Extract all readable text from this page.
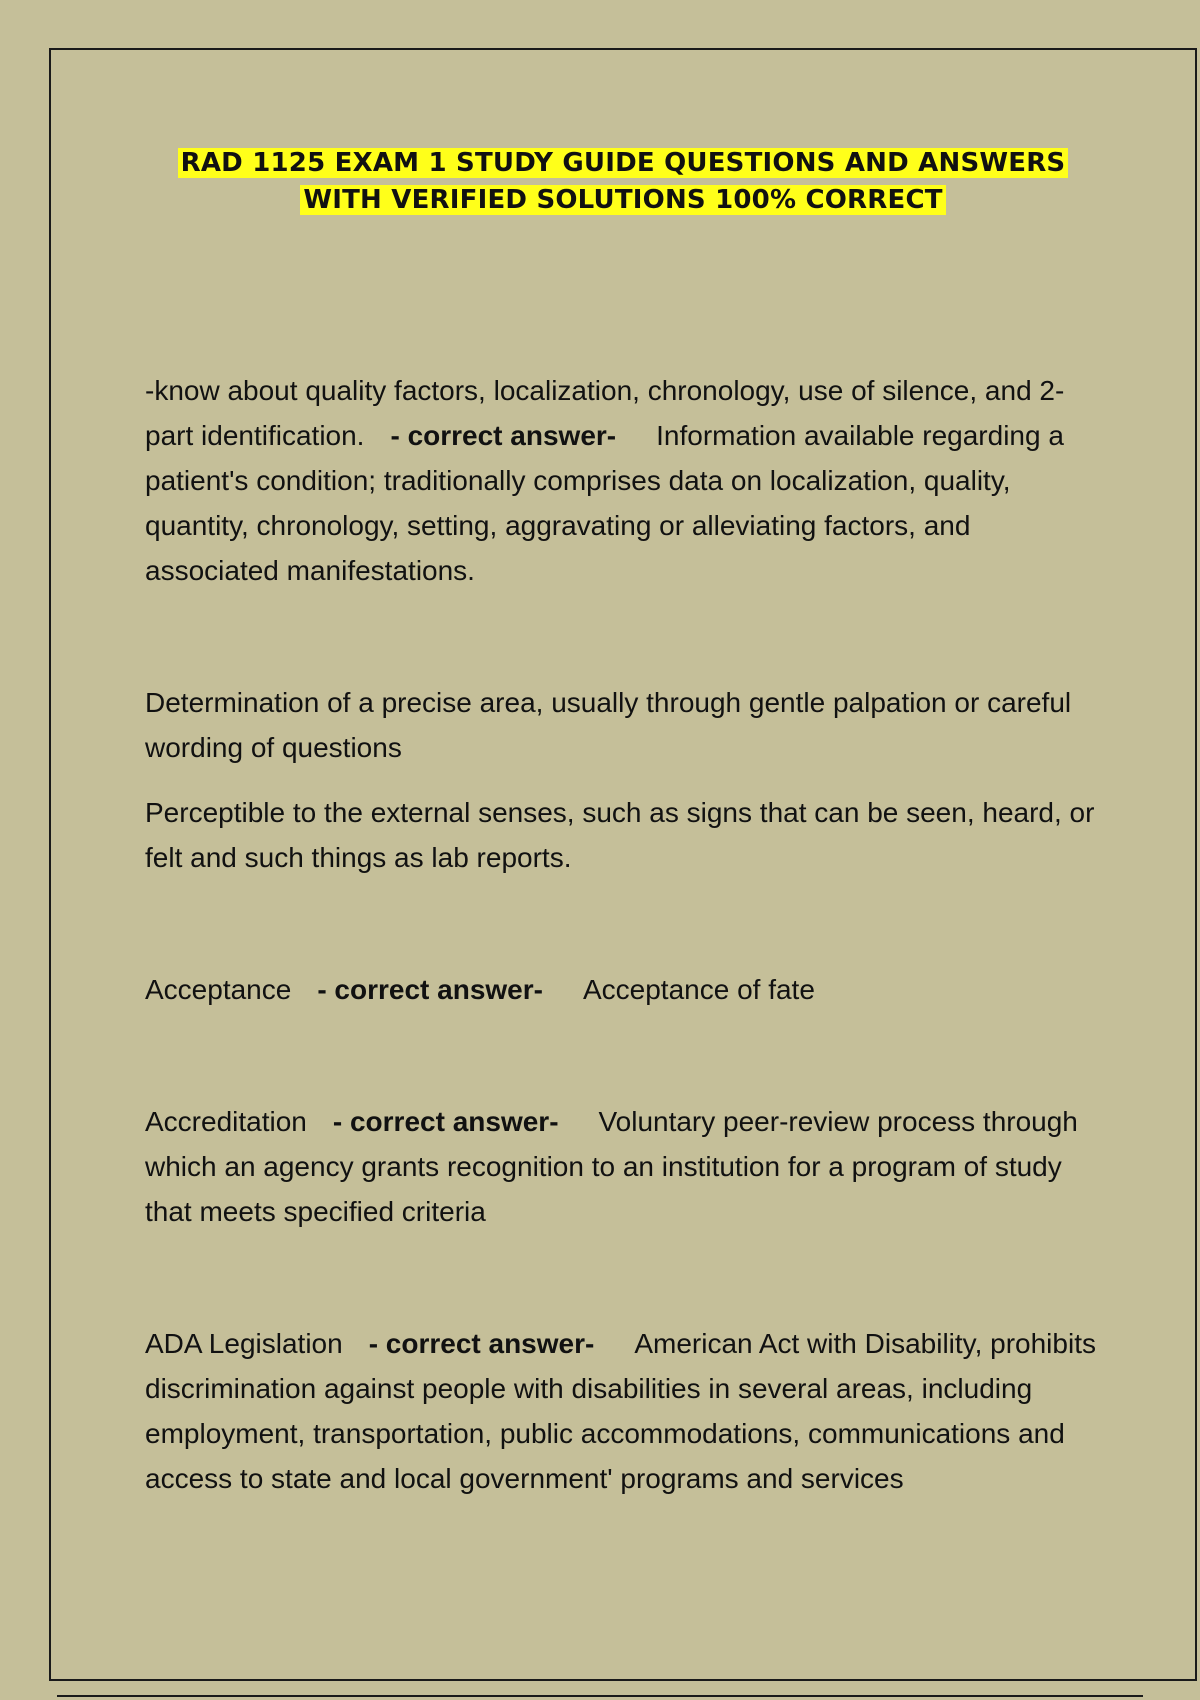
RAD 1125 EXAM 1 STUDY GUIDE QUESTIONS AND ANSWERS
WITH VERIFIED SOLUTIONS 100% CORRECT

-know about quality factors, localization, chronology, use of silence, and 2-part identification. - correct answer- Information available regarding a patient's condition; traditionally comprises data on localization, quality, quantity, chronology, setting, aggravating or alleviating factors, and associated manifestations.

Determination of a precise area, usually through gentle palpation or careful wording of questions

Perceptible to the external senses, such as signs that can be seen, heard, or felt and such things as lab reports.

Acceptance - correct answer- Acceptance of fate

Accreditation - correct answer- Voluntary peer-review process through which an agency grants recognition to an institution for a program of study that meets specified criteria

ADA Legislation - correct answer- American Act with Disability, prohibits discrimination against people with disabilities in several areas, including employment, transportation, public accommodations, communications and access to state and local government' programs and services
